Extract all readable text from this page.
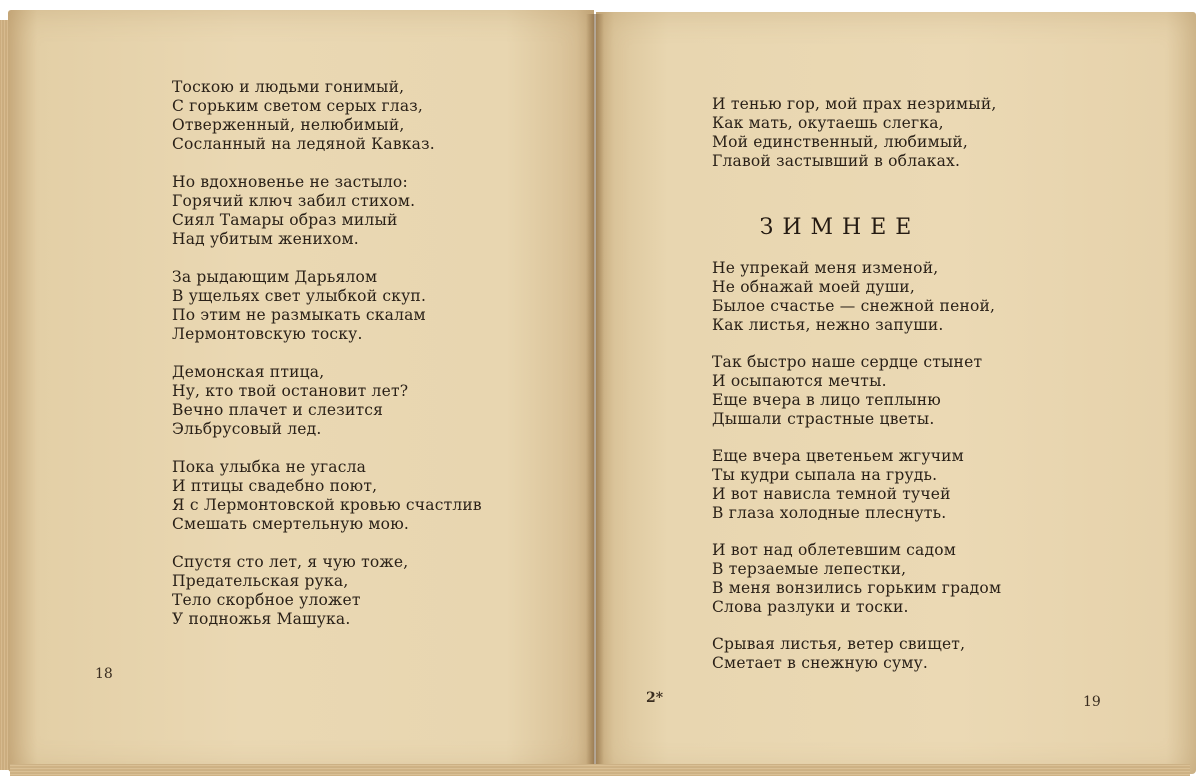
Тоскою и людьми гонимый,
С горьким светом серых глаз,
Отверженный, нелюбимый,
Сосланный на ледяной Кавказ.
Но вдохновенье не застыло:
Горячий ключ забил стихом.
Сиял Тамары образ милый
Над убитым женихом.
За рыдающим Дарьялом
В ущельях свет улыбкой скуп.
По этим не размыкать скалам
Лермонтовскую тоску.
Демонская птица,
Ну, кто твой остановит лет?
Вечно плачет и слезится
Эльбрусовый лед.
Пока улыбка не угасла
И птицы свадебно поют,
Я с Лермонтовской кровью счастлив
Смешать смертельную мою.
Спустя сто лет, я чую тоже,
Предательская рука,
Тело скорбное уложет
У подножья Машука.
И тенью гор, мой прах незримый,
Как мать, окутаешь слегка,
Мой единственный, любимый,
Главой застывший в облаках.
ЗИМНЕЕ
Не упрекай меня изменой,
Не обнажай моей души,
Былое счастье — снежной пеной,
Как листья, нежно запуши.
Так быстро наше сердце стынет
И осыпаются мечты.
Еще вчера в лицо теплыню
Дышали страстные цветы.
Еще вчера цветеньем жгучим
Ты кудри сыпала на грудь.
И вот нависла темной тучей
В глаза холодные плеснуть.
И вот над облетевшим садом
В терзаемые лепестки,
В меня вонзились горьким градом
Слова разлуки и тоски.
Срывая листья, ветер свищет,
Сметает в снежную суму.
18
2*	19
